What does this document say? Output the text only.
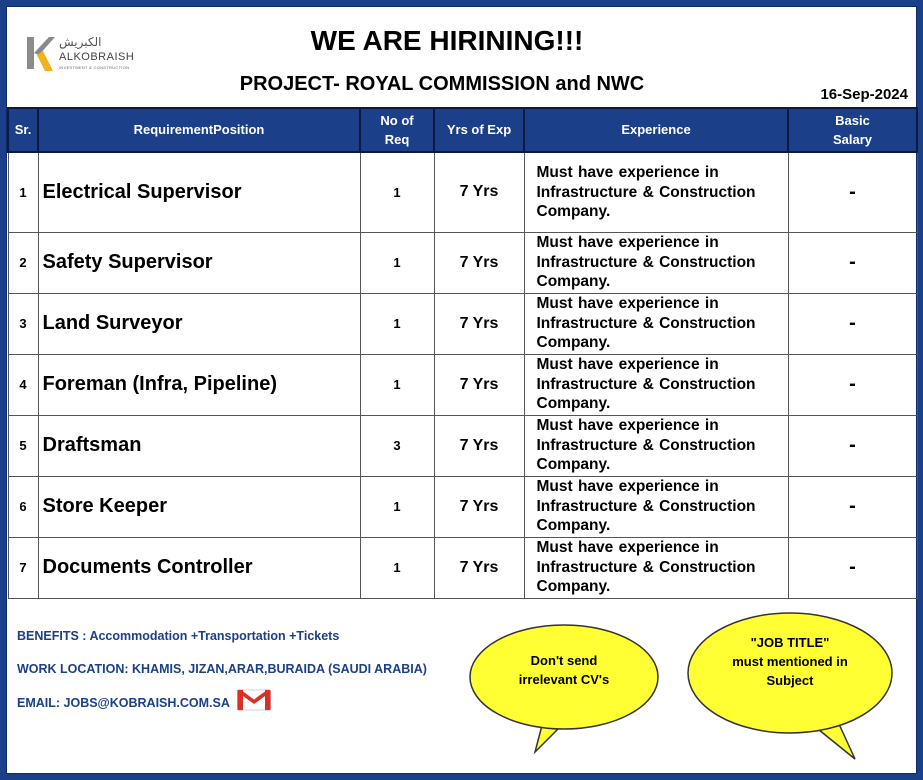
الكبريش
ALKOBRAISH
INVESTMENT & CONSTRUCTION
WE ARE HIRINING!!!
PROJECT- ROYAL COMMISSION and NWC	16-Sep-2024
Sr.	RequirementPosition	No of
Req	Yrs of Exp	Experience	Basic
Salary
1	Electrical Supervisor	1	7 Yrs	Must have experience in
Infrastructure & Construction
Company.	-
2	Safety Supervisor	1	7 Yrs	Must have experience in
Infrastructure & Construction
Company.	-
3	Land Surveyor	1	7 Yrs	Must have experience in
Infrastructure & Construction
Company.	-
4	Foreman (Infra, Pipeline)	1	7 Yrs	Must have experience in
Infrastructure & Construction
Company.	-
5	Draftsman	3	7 Yrs	Must have experience in
Infrastructure & Construction
Company.	-
6	Store Keeper	1	7 Yrs	Must have experience in
Infrastructure & Construction
Company.	-
7	Documents Controller	1	7 Yrs	Must have experience in
Infrastructure & Construction
Company.	-
BENEFITS : Accommodation +Transportation +Tickets
WORK LOCATION: KHAMIS, JIZAN,ARAR,BURAIDA (SAUDI ARABIA)
EMAIL: JOBS@KOBRAISH.COM.SA
Don't send
irrelevant CV's
"JOB TITLE"
must mentioned in
Subject
